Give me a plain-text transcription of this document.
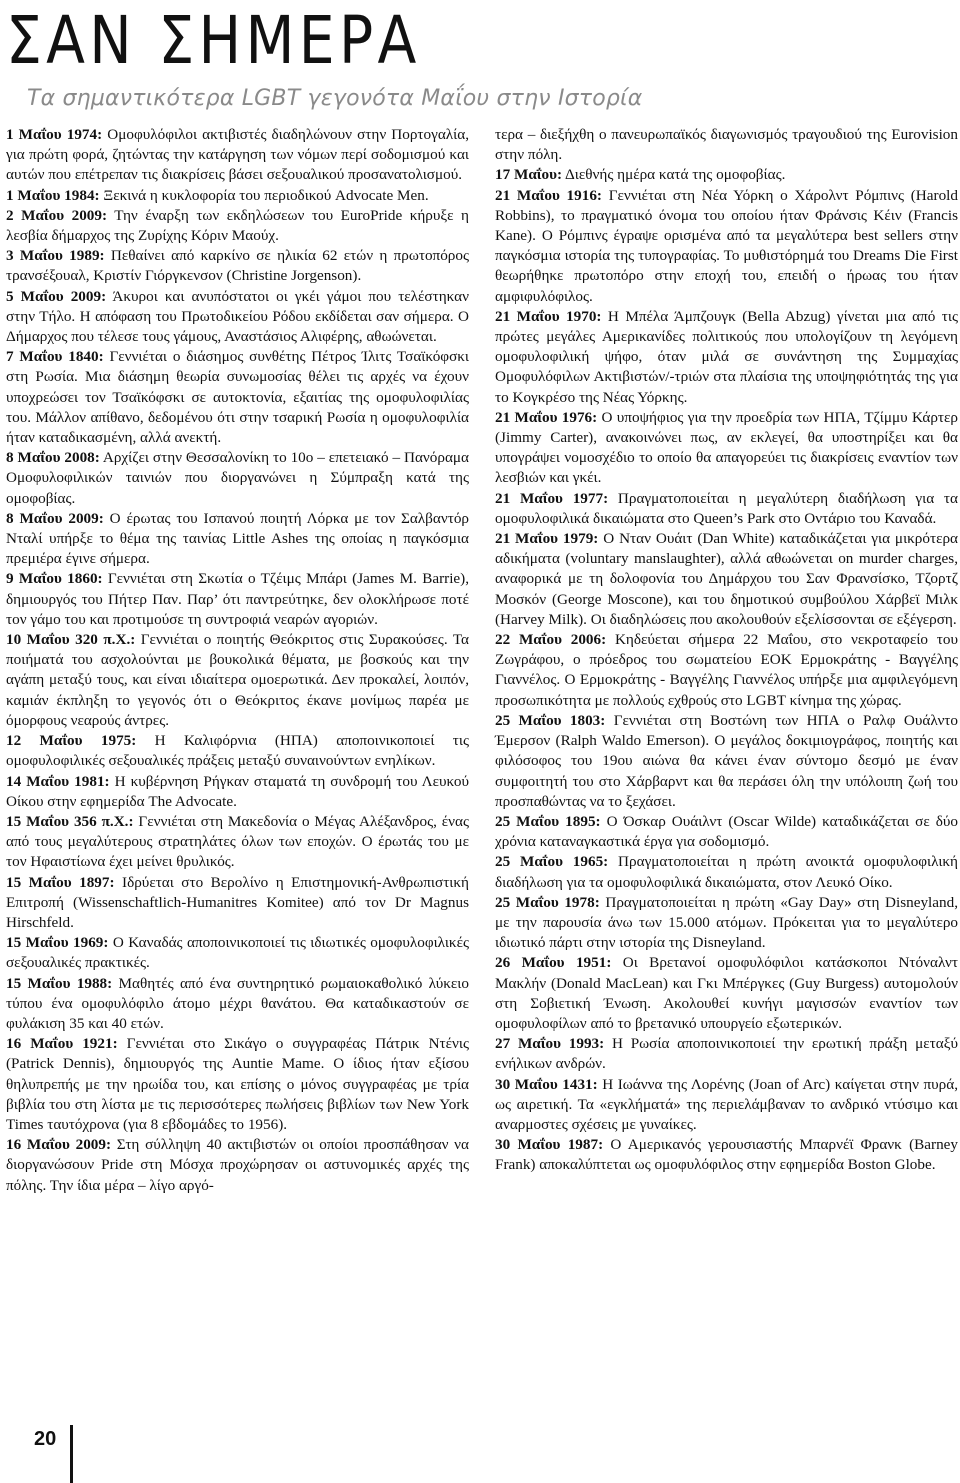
ΣΑΝ ΣΗΜΕΡΑ
Τα σημαντικότερα LGBT γεγονότα Μαΐου στην Ιστορία

1 Μαΐου 1974: Ομοφυλόφιλοι ακτιβιστές διαδηλώνουν στην Πορτογαλία, για πρώτη φορά, ζητώντας την κατάργηση των νόμων περί σοδομισμού και αυτών που επέτρεπαν τις διακρίσεις βάσει σεξουαλικού προσανατολισμού.

1 Μαΐου 1984: Ξεκινά η κυκλοφορία του περιοδικού Advocate Men.

2 Μαΐου 2009: Την έναρξη των εκδηλώσεων του EuroPride κήρυξε η λεσβία δήμαρχος της Ζυρίχης Κόριν Μαούχ.

3 Μαΐου 1989: Πεθαίνει από καρκίνο σε ηλικία 62 ετών η πρωτοπόρος τρανσέξουαλ, Κριστίν Γιόργκενσον (Christine Jorgenson).

5 Μαΐου 2009: Άκυροι και ανυπόστατοι οι γκέι γάμοι που τελέστηκαν στην Τήλο. Η απόφαση του Πρωτοδικείου Ρόδου εκδίδεται σαν σήμερα. Ο Δήμαρχος που τέλεσε τους γάμους, Αναστάσιος Αλιφέρης, αθωώνεται.

7 Μαΐου 1840: Γεννιέται ο διάσημος συνθέτης Πέτρος Ίλιτς Τσαϊκόφσκι στη Ρωσία. Μια διάσημη θεωρία συνωμοσίας θέλει τις αρχές να έχουν υποχρεώσει τον Τσαϊκόφσκι σε αυτοκτονία, εξαιτίας της ομοφυλοφιλίας του. Μάλλον απίθανο, δεδομένου ότι στην τσαρική Ρωσία η ομοφυλοφιλία ήταν καταδικασμένη, αλλά ανεκτή.

8 Μαΐου 2008: Αρχίζει στην Θεσσαλονίκη το 10ο – επετειακό – Πανόραμα Ομοφυλοφιλικών ταινιών που διοργανώνει η Σύμπραξη κατά της ομοφοβίας.

8 Μαΐου 2009: Ο έρωτας του Ισπανού ποιητή Λόρκα με τον Σαλβαντόρ Νταλί υπήρξε το θέμα της ταινίας Little Ashes της οποίας η παγκόσμια πρεμιέρα έγινε σήμερα.

9 Μαΐου 1860: Γεννιέται στη Σκωτία ο Τζέιμς Μπάρι (James M. Barrie), δημιουργός του Πήτερ Παν. Παρ’ ότι παντρεύτηκε, δεν ολοκλήρωσε ποτέ τον γάμο του και προτιμούσε τη συντροφιά νεαρών αγοριών.

10 Μαΐου 320 π.Χ.: Γεννιέται ο ποιητής Θεόκριτος στις Συρακούσες. Τα ποιήματά του ασχολούνται με βουκολικά θέματα, με βοσκούς και την αγάπη μεταξύ τους, και είναι ιδιαίτερα ομοερωτικά. Δεν προκαλεί, λοιπόν, καμιάν έκπληξη το γεγονός ότι ο Θεόκριτος έκανε μονίμως παρέα με όμορφους νεαρούς άντρες.

12 Μαΐου 1975: Η Καλιφόρνια (ΗΠΑ) αποποινικοποιεί τις ομοφυλοφιλικές σεξουαλικές πράξεις μεταξύ συναινούντων ενηλίκων.

14 Μαΐου 1981: Η κυβέρνηση Ρήγκαν σταματά τη συνδρομή του Λευκού Οίκου στην εφημερίδα The Advocate.

15 Μαΐου 356 π.Χ.: Γεννιέται στη Μακεδονία ο Μέγας Αλέξανδρος, ένας από τους μεγαλύτερους στρατηλάτες όλων των εποχών. Ο έρωτάς του με τον Ηφαιστίωνα έχει μείνει θρυλικός.

15 Μαΐου 1897: Ιδρύεται στο Βερολίνο η Επιστημονική-Ανθρωπιστική Επιτροπή (Wissenschaftlich-Humanitres Komitee) από τον Dr Magnus Hirschfeld.

15 Μαΐου 1969: Ο Καναδάς αποποινικοποιεί τις ιδιωτικές ομοφυλοφιλικές σεξουαλικές πρακτικές.

15 Μαΐου 1988: Μαθητές από ένα συντηρητικό ρωμαιοκαθολικό λύκειο τύπου ένα ομοφυλόφιλο άτομο μέχρι θανάτου. Θα καταδικαστούν σε φυλάκιση 35 και 40 ετών.

16 Μαΐου 1921: Γεννιέται στο Σικάγο ο συγγραφέας Πάτρικ Ντένις (Patrick Dennis), δημιουργός της Auntie Mame. Ο ίδιος ήταν εξίσου θηλυπρεπής με την ηρωίδα του, και επίσης ο μόνος συγγραφέας με τρία βιβλία του στη λίστα με τις περισσότερες πωλήσεις βιβλίων των New York Times ταυτόχρονα (για 8 εβδομάδες το 1956).

16 Μαΐου 2009: Στη σύλληψη 40 ακτιβιστών οι οποίοι προσπάθησαν να διοργανώσουν Pride στη Μόσχα προχώρησαν οι αστυνομικές αρχές της πόλης. Την ίδια μέρα – λίγο αργό-

τερα – διεξήχθη ο πανευρωπαϊκός διαγωνισμός τραγουδιού της Eurovision στην πόλη.

17 Μαΐου: Διεθνής ημέρα κατά της ομοφοβίας.

21 Μαΐου 1916: Γεννιέται στη Νέα Υόρκη ο Χάρολντ Ρόμπινς (Harold Robbins), το πραγματικό όνομα του οποίου ήταν Φράνσις Κέιν (Francis Kane). Ο Ρόμπινς έγραψε ορισμένα από τα μεγαλύτερα best sellers στην παγκόσμια ιστορία της τυπογραφίας. Το μυθιστόρημά του Dreams Die First θεωρήθηκε πρωτοπόρο στην εποχή του, επειδή ο ήρωας του ήταν αμφιφυλόφιλος.

21 Μαΐου 1970: Η Μπέλα Άμπζουγκ (Bella Abzug) γίνεται μια από τις πρώτες μεγάλες Αμερικανίδες πολιτικούς που υπολογίζουν τη λεγόμενη ομοφυλοφιλική ψήφο, όταν μιλά σε συνάντηση της Συμμαχίας Ομοφυλόφιλων Ακτιβιστών/-τριών στα πλαίσια της υποψηφιότητάς της για το Κογκρέσο της Νέας Υόρκης.

21 Μαΐου 1976: Ο υποψήφιος για την προεδρία των ΗΠΑ, Τζίμμυ Κάρτερ (Jimmy Carter), ανακοινώνει πως, αν εκλεγεί, θα υποστηρίξει και θα υπογράψει νομοσχέδιο το οποίο θα απαγορεύει τις διακρίσεις εναντίον των λεσβιών και γκέι.

21 Μαΐου 1977: Πραγματοποιείται η μεγαλύτερη διαδήλωση για τα ομοφυλοφιλικά δικαιώματα στο Queen’s Park στο Οντάριο του Καναδά.

21 Μαΐου 1979: Ο Νταν Ουάιτ (Dan White) καταδικάζεται για μικρότερα αδικήματα (voluntary manslaughter), αλλά αθωώνεται on murder charges, αναφορικά με τη δολοφονία του Δημάρχου του Σαν Φρανσίσκο, Τζορτζ Μοσκόν (George Moscone), και του δημοτικού συμβούλου Χάρβεϊ Μιλκ (Harvey Milk). Οι διαδηλώσεις που ακολουθούν εξελίσσονται σε εξέγερση.

22 Μαΐου 2006: Κηδεύεται σήμερα 22 Μαΐου, στο νεκροταφείο του Ζωγράφου, ο πρόεδρος του σωματείου ΕΟΚ Ερμοκράτης - Βαγγέλης Γιαννέλος. Ο Ερμοκράτης - Βαγγέλης Γιαννέλος υπήρξε μια αμφιλεγόμενη προσωπικότητα με πολλούς εχθρούς στο LGBT κίνημα της χώρας.

25 Μαΐου 1803: Γεννιέται στη Βοστώνη των ΗΠΑ ο Ραλφ Ουάλντο Έμερσον (Ralph Waldo Emerson). Ο μεγάλος δοκιμιογράφος, ποιητής και φιλόσοφος του 19ου αιώνα θα κάνει έναν σύντομο δεσμό με έναν συμφοιτητή του στο Χάρβαρντ και θα περάσει όλη την υπόλοιπη ζωή του προσπαθώντας να το ξεχάσει.

25 Μαΐου 1895: Ο Όσκαρ Ουάιλντ (Oscar Wilde) καταδικάζεται σε δύο χρόνια καταναγκαστικά έργα για σοδομισμό.

25 Μαΐου 1965: Πραγματοποιείται η πρώτη ανοικτά ομοφυλοφιλική διαδήλωση για τα ομοφυλοφιλικά δικαιώματα, στον Λευκό Οίκο.

25 Μαΐου 1978: Πραγματοποιείται η πρώτη «Gay Day» στη Disneyland, με την παρουσία άνω των 15.000 ατόμων. Πρόκειται για το μεγαλύτερο ιδιωτικό πάρτι στην ιστορία της Disneyland.

26 Μαΐου 1951: Οι Βρετανοί ομοφυλόφιλοι κατάσκοποι Ντόναλντ Μακλήν (Donald MacLean) και Γκι Μπέργκες (Guy Burgess) αυτομολούν στη Σοβιετική Ένωση. Ακολουθεί κυνήγι μαγισσών εναντίον των ομοφυλοφίλων από το βρετανικό υπουργείο εξωτερικών.

27 Μαΐου 1993: Η Ρωσία αποποινικοποιεί την ερωτική πράξη μεταξύ ενήλικων ανδρών.

30 Μαΐου 1431: Η Ιωάννα της Λορένης (Joan of Arc) καίγεται στην πυρά, ως αιρετική. Τα «εγκλήματά» της περιελάμβαναν το ανδρικό ντύσιμο και αναρμοστες σχέσεις με γυναίκες.

30 Μαΐου 1987: Ο Αμερικανός γερουσιαστής Μπαρνέϊ Φρανκ (Barney Frank) αποκαλύπτεται ως ομοφυλόφιλος στην εφημερίδα Boston Globe.

20
